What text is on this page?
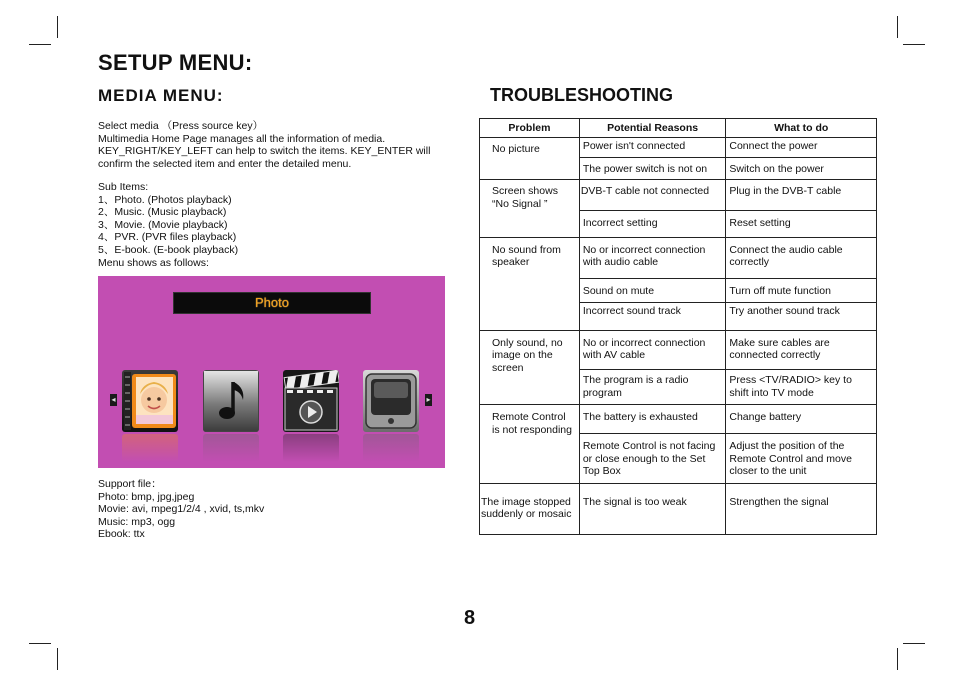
SETUP MENU:
MEDIA MENU:	TROUBLESHOOTING
Select media （Press source key）
Multimedia Home Page manages all the information of media. KEY_RIGHT/KEY_LEFT can help to switch the items. KEY_ENTER will confirm the selected item and enter the detailed menu.
Sub Items:
1、Photo. (Photos playback)
2、Music. (Music playback)
3、Movie. (Movie playback)
4、PVR. (PVR files playback)
5、E-book. (E-book playback)
Menu shows as follows:
Photo
◂	▸
Support file：
Photo: bmp, jpg,jpeg
Movie: avi, mpeg1/2/4 , xvid, ts,mkv
Music: mp3, ogg
Ebook: ttx
Problem	Potential Reasons	What to do
No picture	Power isn't connected	Connect the power
	The power switch is not on	Switch on the power
Screen shows “No Signal ”	DVB-T cable not connected	Plug in the DVB-T cable
	Incorrect setting	Reset setting
No sound from speaker	No or incorrect connection with audio cable	Connect the audio cable correctly
	Sound on mute	Turn off mute function
	Incorrect sound track	Try another sound track
Only sound, no image on the screen	No or incorrect connection with AV cable	Make sure cables are connected correctly
	The program is a radio program	Press <TV/RADIO> key to shift into TV mode
Remote Control is not responding	The battery is exhausted	Change battery
	Remote Control is not facing or close enough to the Set Top Box	Adjust the position of the Remote Control and move closer to the unit
The image stopped suddenly or mosaic	The signal is too weak	Strengthen the signal
8
